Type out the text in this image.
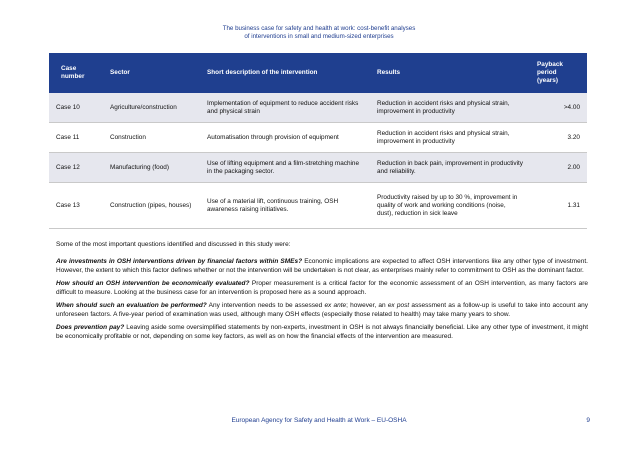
The business case for safety and health at work: cost-benefit analyses
of interventions in small and medium-sized enterprises
Case
number	Sector	Short description of the intervention	Results	Payback
period
(years)
Case 10	Agriculture/construction	Implementation of equipment to reduce accident risks and physical strain	Reduction in accident risks and physical strain, improvement in productivity	>4.00
Case 11	Construction	Automatisation through provision of equipment	Reduction in accident risks and physical strain, improvement in productivity	3.20
Case 12	Manufacturing (food)	Use of lifting equipment and a film-stretching machine in the packaging sector.	Reduction in back pain, improvement in productivity and reliability.	2.00
Case 13	Construction (pipes, houses)	Use of a material lift, continuous training, OSH awareness raising initiatives.	Productivity raised by up to 30 %, improvement in quality of work and working conditions (noise, dust), reduction in sick leave	1.31

Some of the most important questions identified and discussed in this study were:

Are investments in OSH interventions driven by financial factors within SMEs? Economic implications are expected to affect OSH interventions like any other type of investment. However, the extent to which this factor defines whether or not the intervention will be undertaken is not clear, as enterprises mainly refer to commitment to OSH as the dominant factor.

How should an OSH intervention be economically evaluated? Proper measurement is a critical factor for the economic assessment of an OSH intervention, as many factors are difficult to measure. Looking at the business case for an intervention is proposed here as a sound approach.

When should such an evaluation be performed? Any intervention needs to be assessed ex ante; however, an ex post assessment as a follow-up is useful to take into account any unforeseen factors. A five-year period of examination was used, although many OSH effects (especially those related to health) may take many years to show.

Does prevention pay? Leaving aside some oversimplified statements by non-experts, investment in OSH is not always financially beneficial. Like any other type of investment, it might be economically profitable or not, depending on some key factors, as well as on how the financial effects of the intervention are measured.

European Agency for Safety and Health at Work – EU-OSHA	9
